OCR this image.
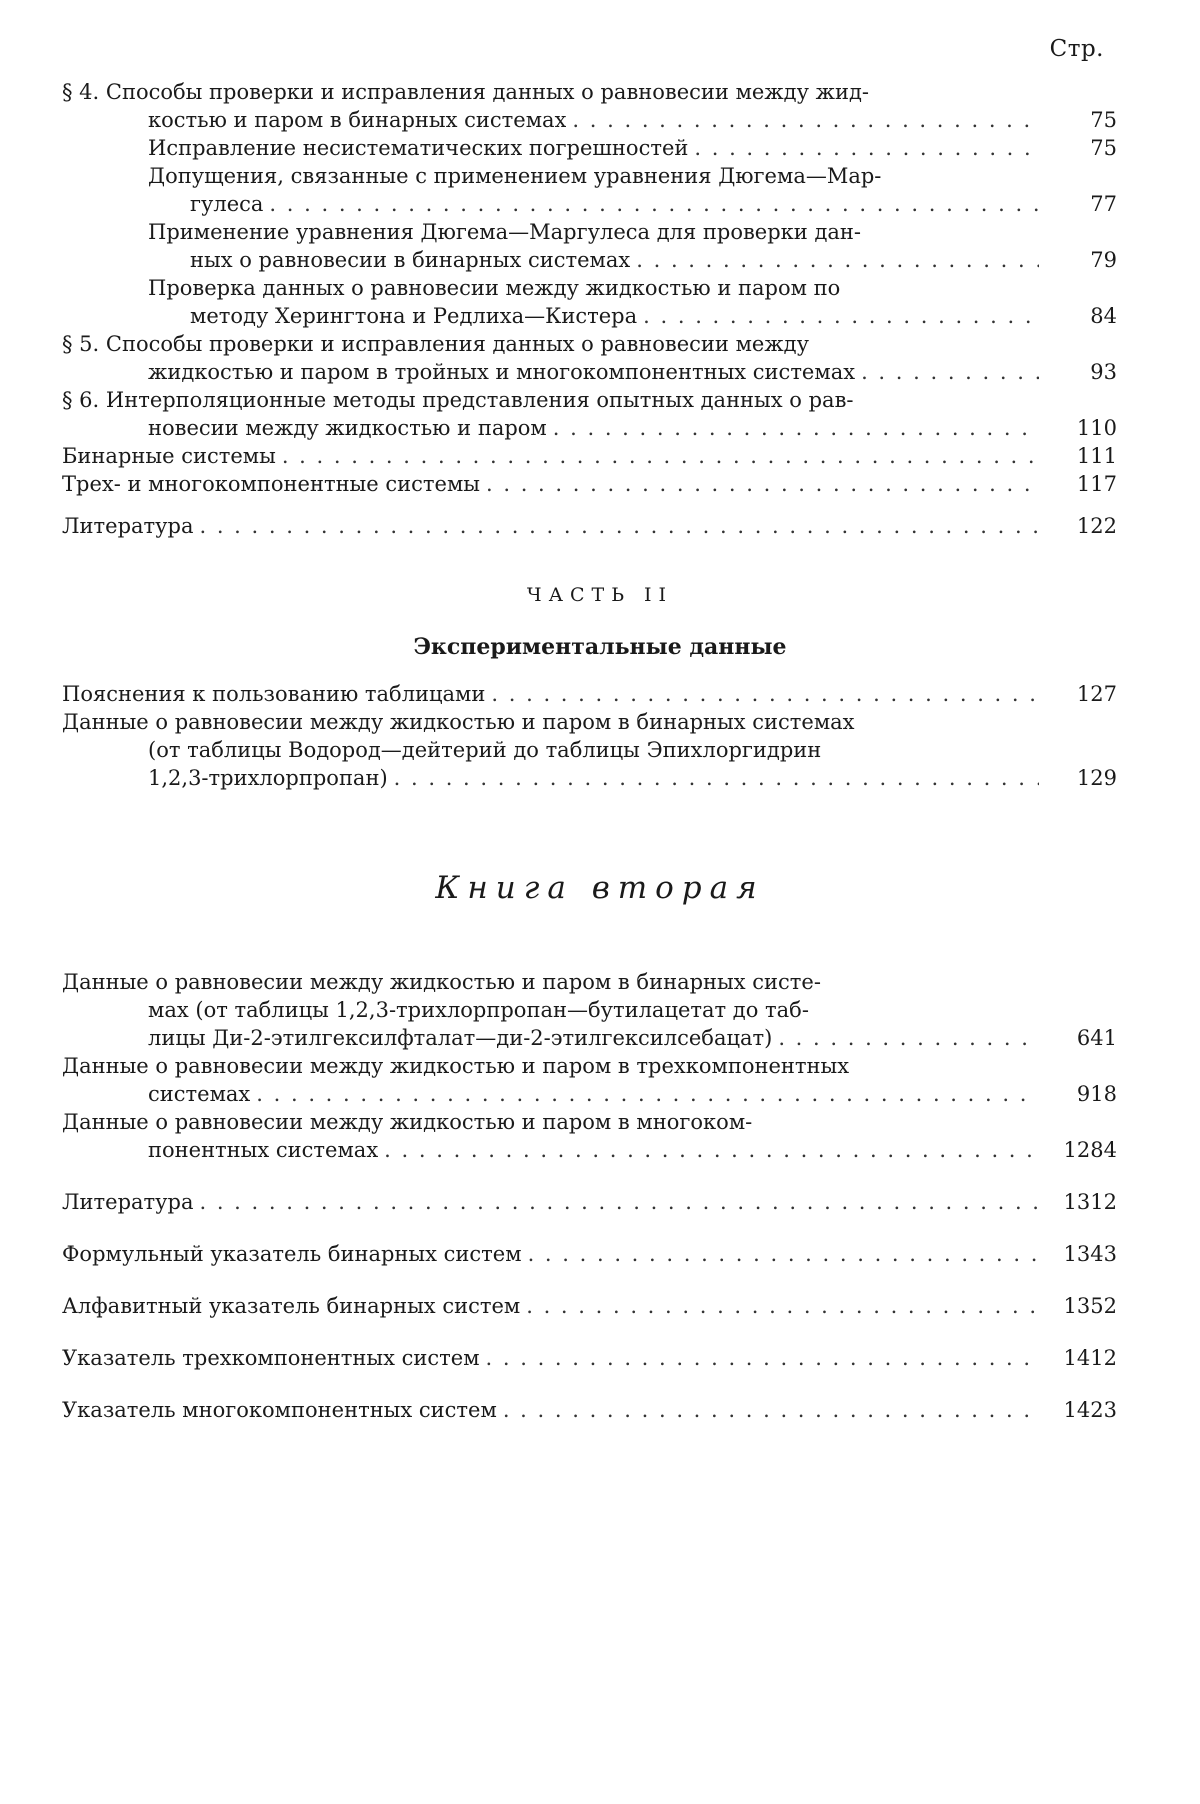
Стр.
§ 4. Способы проверки и исправления данных о равновесии между жид-
костью и паром в бинарных системах . . .	75
Исправление несистематических погрешностей . . .	75
Допущения, связанные с применением уравнения Дюгема—Мар-
гулеса . . .	77
Применение уравнения Дюгема—Маргулеса для проверки дан-
ных о равновесии в бинарных системах . . .	79
Проверка данных о равновесии между жидкостью и паром по
методу Херингтона и Редлиха—Кистера . . .	84
§ 5. Способы проверки и исправления данных о равновесии между
жидкостью и паром в тройных и многокомпонентных системах . . .	93
§ 6. Интерполяционные методы представления опытных данных о рав-
новесии между жидкостью и паром . . .	110
Бинарные системы . . .	111
Трех- и многокомпонентные системы . . .	117
Литература . . .	122
ЧАСТЬ II
Экспериментальные данные
Пояснения к пользованию таблицами . . .	127
Данные о равновесии между жидкостью и паром в бинарных системах
(от таблицы Водород—дейтерий до таблицы Эпихлоргидрин
1,2,3-трихлорпропан) . . .	129
Книга вторая
Данные о равновесии между жидкостью и паром в бинарных систе-
мах (от таблицы 1,2,3-трихлорпропан—бутилацетат до таб-
лицы Ди-2-этилгексилфталат—ди-2-этилгексилсебацат) . . .	641
Данные о равновесии между жидкостью и паром в трехкомпонентных
системах . . .	918
Данные о равновесии между жидкостью и паром в многоком-
понентных системах . . .	1284
Литература . . .	1312
Формульный указатель бинарных систем . . .	1343
Алфавитный указатель бинарных систем . . .	1352
Указатель трехкомпонентных систем . . .	1412
Указатель многокомпонентных систем . . .	1423
